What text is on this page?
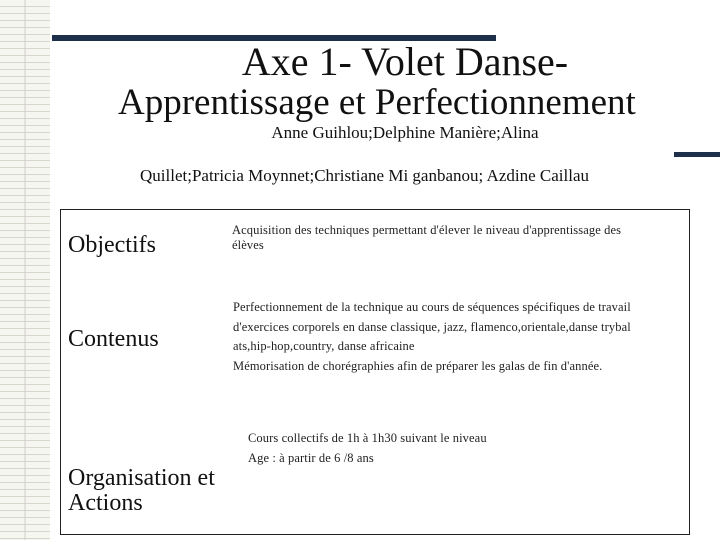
Axe 1- Volet Danse-
Apprentissage et Perfectionnement
Anne Guihlou;Delphine Manière;Alina
Quillet;Patricia Moynnet;Christiane Mi ganbanou; Azdine Caillau
Objectifs
Acquisition des techniques permettant d'élever le niveau d'apprentissage des élèves
Contenus
Perfectionnement de la technique au cours de séquences spécifiques de travail d'exercices corporels en danse classique, jazz, flamenco,orientale,danse trybal ats,hip-hop,country, danse africaine
Mémorisation de chorégraphies afin de préparer les galas de fin d'année.
Organisation et Actions
Cours collectifs de 1h à 1h30 suivant le niveau
Age : à partir de 6 /8 ans
